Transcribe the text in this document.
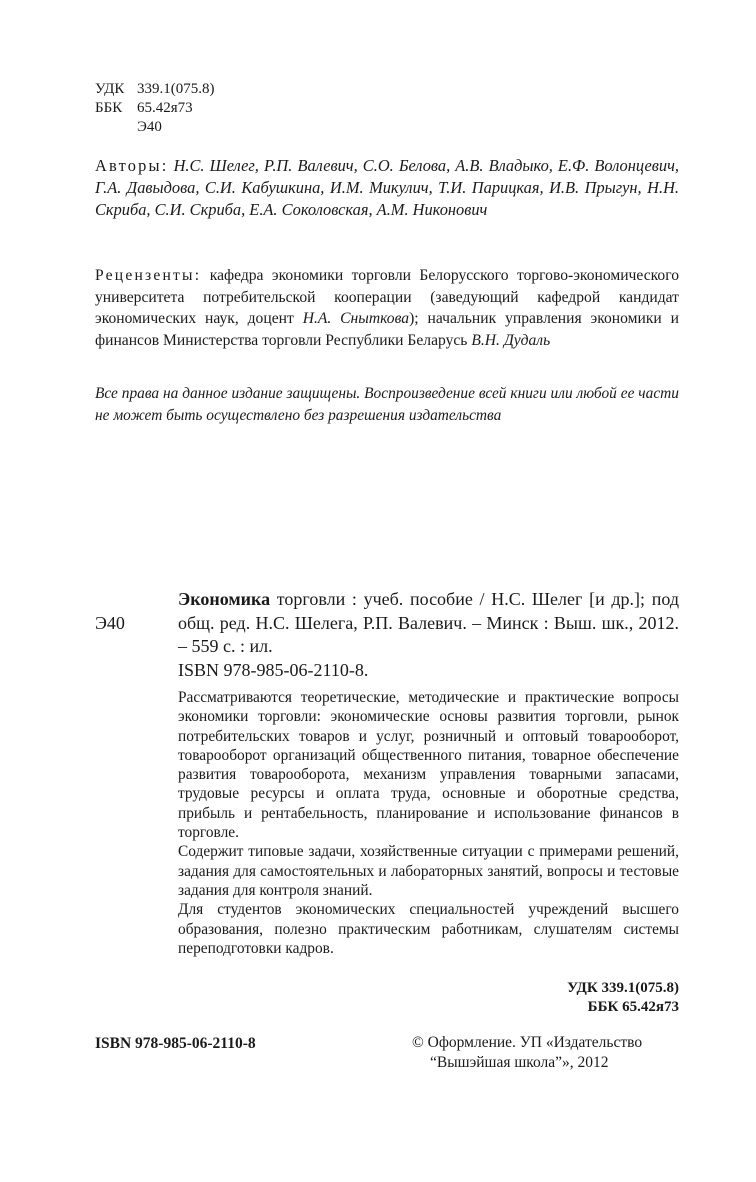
УДК 339.1(075.8)
ББК 65.42я73
Э40
Авторы: Н.С. Шелег, Р.П. Валевич, С.О. Белова, А.В. Владыко, Е.Ф. Волонцевич, Г.А. Давыдова, С.И. Кабушкина, И.М. Микулич, Т.И. Парицкая, И.В. Прыгун, Н.Н. Скриба, С.И. Скриба, Е.А. Соколовская, А.М. Никонович
Рецензенты: кафедра экономики торговли Белорусского торгово-экономического университета потребительской кооперации (заведующий кафедрой кандидат экономических наук, доцент Н.А. Сныткова); начальник управления экономики и финансов Министерства торговли Республики Беларусь В.Н. Дудаль
Все права на данное издание защищены. Воспроизведение всей книги или любой ее части не может быть осуществлено без разрешения издательства
Э40
Экономика торговли : учеб. пособие / Н.С. Шелег [и др.]; под общ. ред. Н.С. Шелега, Р.П. Валевич. – Минск : Выш. шк., 2012. – 559 с. : ил.
ISBN 978-985-06-2110-8.

Рассматриваются теоретические, методические и практические вопросы экономики торговли: экономические основы развития торговли, рынок потребительских товаров и услуг, розничный и оптовый товарооборот, товарооборот организаций общественного питания, товарное обеспечение развития товарооборота, механизм управления товарными запасами, трудовые ресурсы и оплата труда, основные и оборотные средства, прибыль и рентабельность, планирование и использование финансов в торговле.

Содержит типовые задачи, хозяйственные ситуации с примерами решений, задания для самостоятельных и лабораторных занятий, вопросы и тестовые задания для контроля знаний.

Для студентов экономических специальностей учреждений высшего образования, полезно практическим работникам, слушателям системы переподготовки кадров.

УДК 339.1(075.8)
ББК 65.42я73
ISBN 978-985-06-2110-8	© Оформление. УП «Издательство
“Вышэйшая школа”», 2012
